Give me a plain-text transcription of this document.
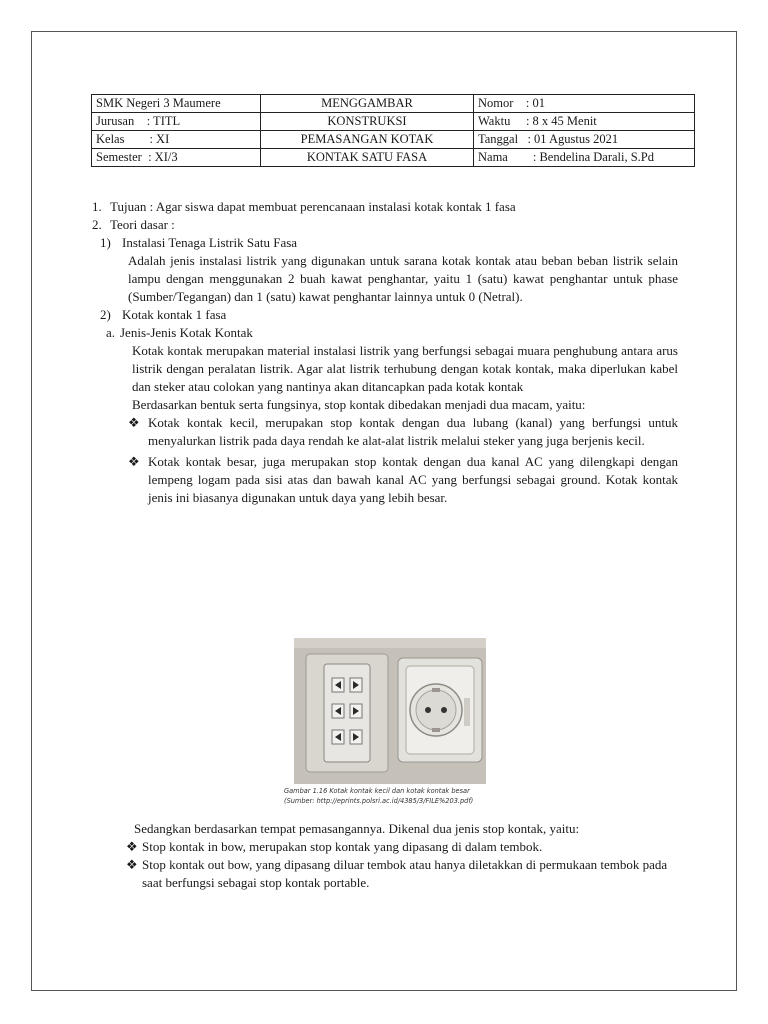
SMK Negeri 3 Maumere	MENGGAMBAR	Nomor    : 01
Jurusan    : TITL	KONSTRUKSI	Waktu     : 8 x 45 Menit
Kelas        : XI	PEMASANGAN KOTAK	Tanggal   : 01 Agustus 2021
Semester  : XI/3	KONTAK SATU FASA	Nama        : Bendelina Darali, S.Pd
1. Tujuan : Agar siswa dapat membuat perencanaan instalasi kotak kontak 1 fasa
2. Teori dasar :
1) Instalasi Tenaga Listrik Satu Fasa
Adalah jenis instalasi listrik yang digunakan untuk sarana kotak kontak atau beban beban listrik selain lampu dengan menggunakan 2 buah kawat penghantar, yaitu 1 (satu) kawat penghantar untuk phase (Sumber/Tegangan) dan 1 (satu) kawat penghantar lainnya untuk 0 (Netral).
2) Kotak kontak 1 fasa
a. Jenis-Jenis Kotak Kontak
Kotak kontak merupakan material instalasi listrik yang berfungsi sebagai muara penghubung antara arus listrik dengan peralatan listrik. Agar alat listrik terhubung dengan kotak kontak, maka diperlukan kabel dan steker atau colokan yang nantinya akan ditancapkan pada kotak kontak
Berdasarkan bentuk serta fungsinya, stop kontak dibedakan menjadi dua macam, yaitu:
❖ Kotak kontak kecil, merupakan stop kontak dengan dua lubang (kanal) yang berfungsi untuk menyalurkan listrik pada daya rendah ke alat-alat listrik melalui steker yang juga berjenis kecil.
❖ Kotak kontak besar, juga merupakan stop kontak dengan dua kanal AC yang dilengkapi dengan lempeng logam pada sisi atas dan bawah kanal AC yang berfungsi sebagai ground. Kotak kontak jenis ini biasanya digunakan untuk daya yang lebih besar.
Gambar 1.16 Kotak kontak kecil dan kotak kontak besar
(Sumber: http://eprints.polsri.ac.id/4385/3/FILE%203.pdf)
Sedangkan berdasarkan tempat pemasangannya. Dikenal dua jenis stop kontak, yaitu:
❖ Stop kontak in bow, merupakan stop kontak yang dipasang di dalam tembok.
❖ Stop kontak out bow, yang dipasang diluar tembok atau hanya diletakkan di permukaan tembok pada saat berfungsi sebagai stop kontak portable.
